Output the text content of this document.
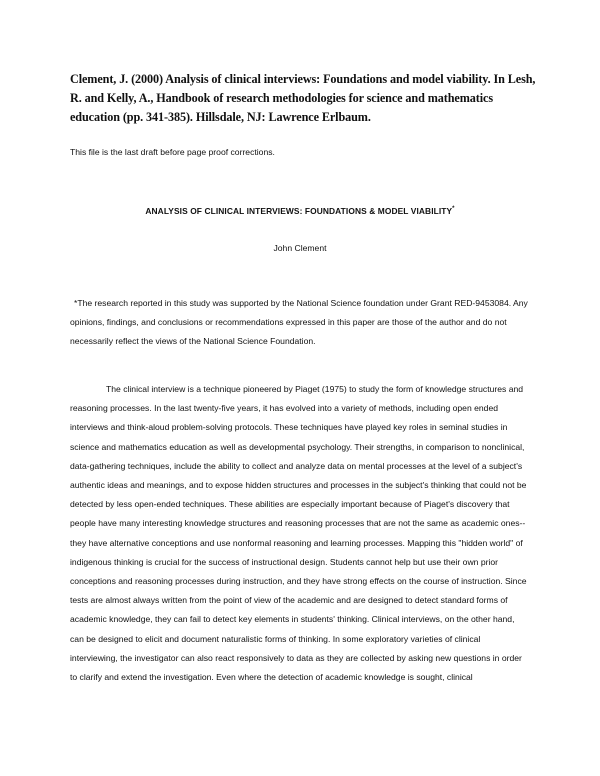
Clement, J. (2000) Analysis of clinical interviews: Foundations and model viability. In Lesh, R. and Kelly, A., Handbook of research methodologies for science and mathematics education (pp. 341-385). Hillsdale, NJ: Lawrence Erlbaum.
This file is the last draft before page proof corrections.
ANALYSIS OF CLINICAL INTERVIEWS: FOUNDATIONS & MODEL VIABILITY*
John Clement

*The research reported in this study was supported by the National Science foundation under Grant RED-9453084. Any opinions, findings, and conclusions or recommendations expressed in this paper are those of the author and do not necessarily reflect the views of the National Science Foundation.

The clinical interview is a technique pioneered by Piaget (1975) to study the form of knowledge structures and reasoning processes. In the last twenty-five years, it has evolved into a variety of methods, including open ended interviews and think-aloud problem-solving protocols. These techniques have played key roles in seminal studies in science and mathematics education as well as developmental psychology. Their strengths, in comparison to nonclinical, data-gathering techniques, include the ability to collect and analyze data on mental processes at the level of a subject's authentic ideas and meanings, and to expose hidden structures and processes in the subject's thinking that could not be detected by less open-ended techniques. These abilities are especially important because of Piaget's discovery that people have many interesting knowledge structures and reasoning processes that are not the same as academic ones--they have alternative conceptions and use nonformal reasoning and learning processes. Mapping this "hidden world" of indigenous thinking is crucial for the success of instructional design. Students cannot help but use their own prior conceptions and reasoning processes during instruction, and they have strong effects on the course of instruction. Since tests are almost always written from the point of view of the academic and are designed to detect standard forms of academic knowledge, they can fail to detect key elements in students' thinking. Clinical interviews, on the other hand, can be designed to elicit and document naturalistic forms of thinking. In some exploratory varieties of clinical interviewing, the investigator can also react responsively to data as they are collected by asking new questions in order to clarify and extend the investigation. Even where the detection of academic knowledge is sought, clinical
